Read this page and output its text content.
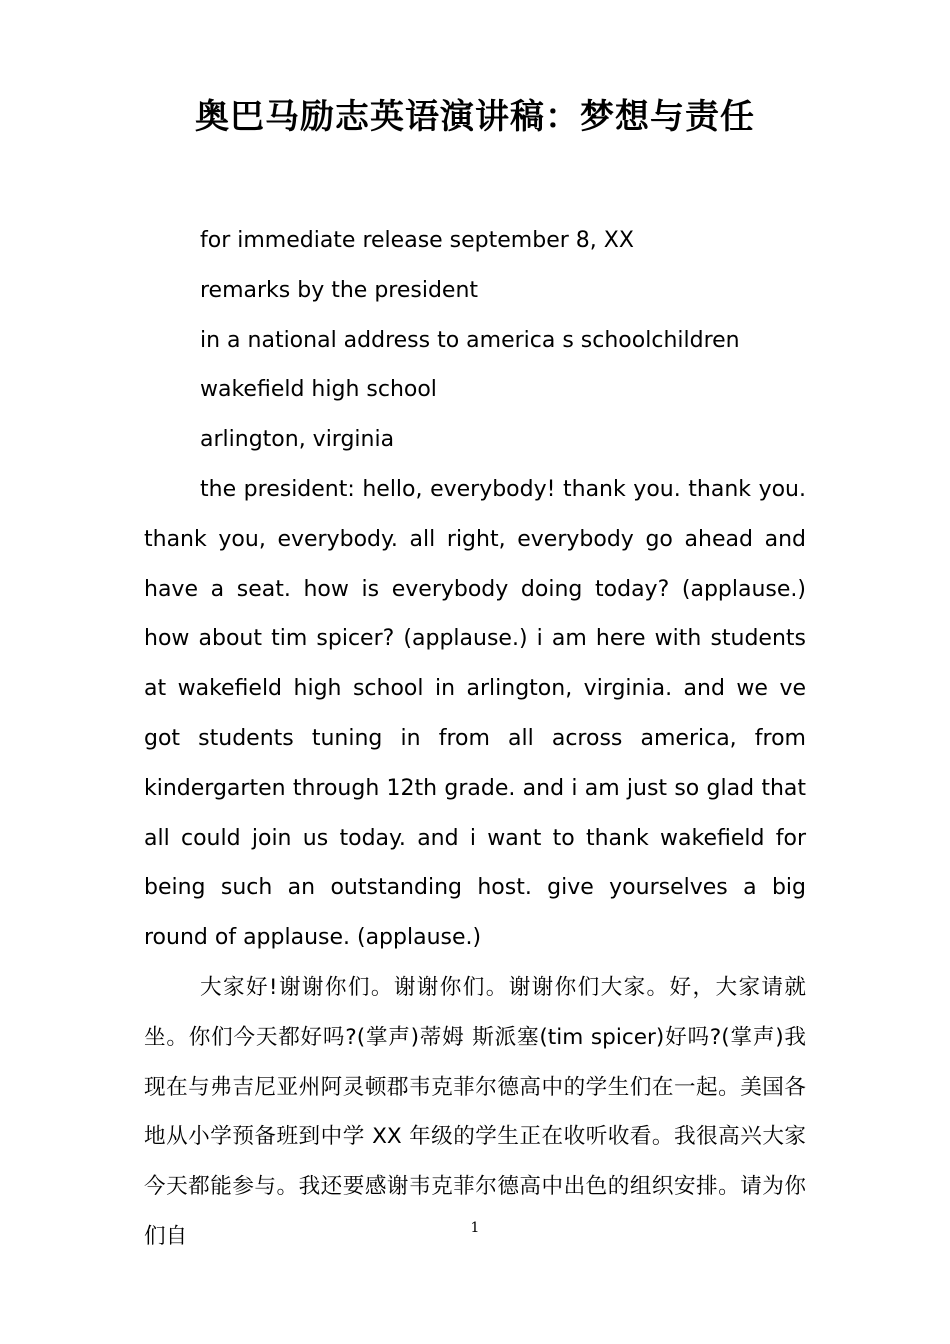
奥巴马励志英语演讲稿：梦想与责任

for immediate release september 8, XX

remarks by the president

in a national address to america s schoolchildren

wakefield high school

arlington, virginia

the president: hello, everybody! thank you. thank you. thank you, everybody. all right, everybody go ahead and have a seat. how is everybody doing today? (applause.) how about tim spicer? (applause.) i am here with students at wakefield high school in arlington, virginia. and we ve got students tuning in from all across america, from kindergarten through 12th grade. and i am just so glad that all could join us today. and i want to thank wakefield for being such an outstanding host. give yourselves a big round of applause. (applause.)

大家好!谢谢你们。谢谢你们。谢谢你们大家。好，大家请就坐。你们今天都好吗?(掌声)蒂姆 斯派塞(tim spicer)好吗?(掌声)我现在与弗吉尼亚州阿灵顿郡韦克菲尔德高中的学生们在一起。美国各地从小学预备班到中学 XX 年级的学生正在收听收看。我很高兴大家今天都能参与。我还要感谢韦克菲尔德高中出色的组织安排。请为你们自	1
